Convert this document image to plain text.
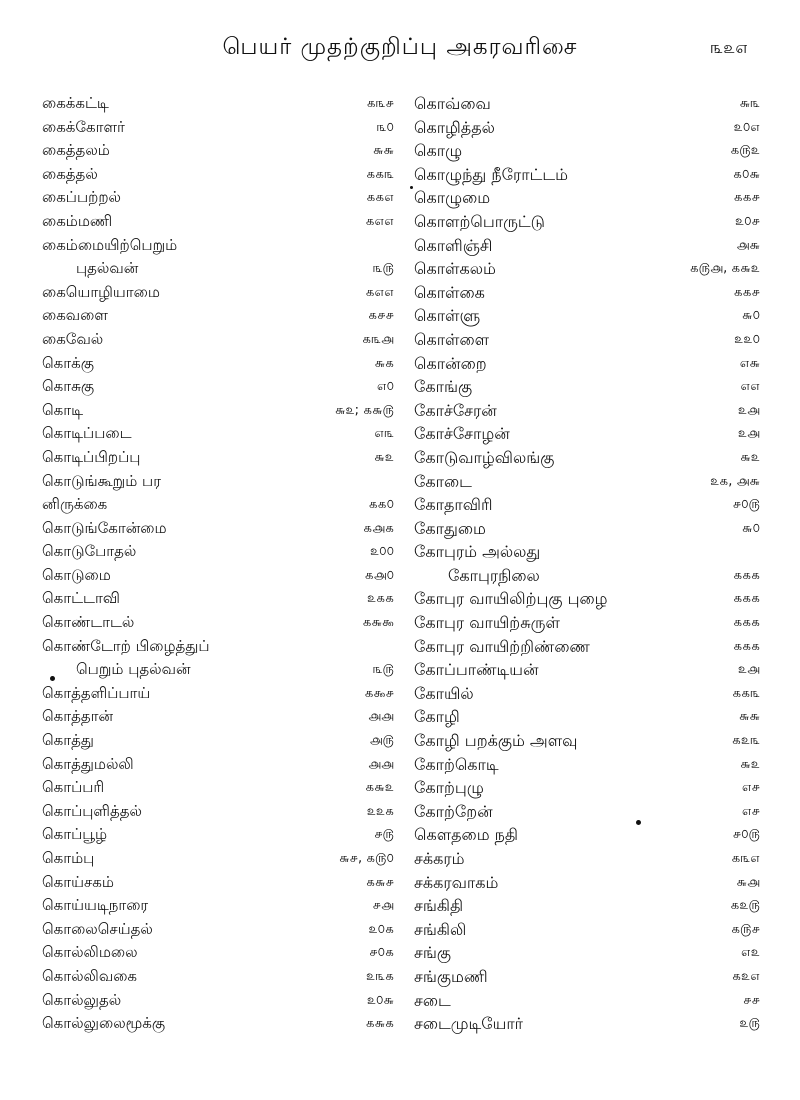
பெயர் முதற்குறிப்பு அகரவரிசை	௩௨௭
கைக்கட்டி	௧௩௪
கைக்கோளர்	௩௦
கைத்தலம்	௬௬
கைத்தல்	௧௧௩
கைப்பற்றல்	௧௧௭
கைம்மணி	௧௭௭
கைம்மையிற்பெறும்
புதல்வன்	௩௫
கையொழியாமை	௧௭௭
கைவளை	௧௪௪
கைவேல்	௧௩௮
கொக்கு	௬௧
கொசுகு	௭௦
கொடி	௬௨; ௧௬௫
கொடிப்படை	௭௩
கொடிப்பிறப்பு	௬௨
கொடுங்கூறும் பர
னிருக்கை	௧௧௦
கொடுங்கோன்மை	௧௮௧
கொடுபோதல்	௨௦௦
கொடுமை	௧௮௦
கொட்டாவி	௨௧௧
கொண்டாடல்	௧௬௯
கொண்டோற் பிழைத்துப்
பெறும் புதல்வன்	௩௫
கொத்தளிப்பாய்	௧௯௪
கொத்தான்	௮௮
கொத்து	௮௫
கொத்துமல்லி	௮௮
கொப்பரி	௧௬௨
கொப்புளித்தல்	௨௨௧
கொப்பூழ்	௪௫
கொம்பு	௬௪, ௧௫௦
கொய்சகம்	௧௬௪
கொய்யடிநாரை	௪௮
கொலைசெய்தல்	௨௦௧
கொல்லிமலை	௪௦௧
கொல்லிவகை	௨௩௧
கொல்லுதல்	௨௦௬
கொல்லுலைமூக்கு	௧௬௧
கொவ்வை	௬௩
கொழித்தல்	௨௦௭
கொழு	௧௫௨
கொழுந்து நீரோட்டம்	௧௦௬
கொழுமை	௧௧௪
கொளற்பொருட்டு	௨௦௪
கொளிஞ்சி	௮௬
கொள்கலம்	௧௫௮, ௧௬௨
கொள்கை	௧௧௪
கொள்ளு	௬௦
கொள்ளை	௨௨௦
கொன்றை	௭௬
கோங்கு	௭௭
கோச்சேரன்	௨௮
கோச்சோழன்	௨௮
கோடுவாழ்விலங்கு	௬௨
கோடை	௨௧, ௮௬
கோதாவிரி	௪௦௫
கோதுமை	௬௦
கோபுரம் அல்லது
கோபுரநிலை	௧௧௧
கோபுர வாயிலிற்புகு புழை	௧௧௧
கோபுர வாயிற்சுருள்	௧௧௧
கோபுர வாயிற்றிண்ணை	௧௧௧
கோப்பாண்டியன்	௨௮
கோயில்	௧௧௩
கோழி	௬௬
கோழி பறக்கும் அளவு	௧௨௩
கோற்கொடி	௬௨
கோற்புழு	௭௪
கோற்றேன்	௭௪
கௌதமை நதி	௪௦௫
சக்கரம்	௧௩௭
சக்கரவாகம்	௬௮
சங்கிதி	௧௨௫
சங்கிலி	௧௫௪
சங்கு	௭௨
சங்குமணி	௧௨௭
சடை	௪௪
சடைமுடியோர்	௨௫
